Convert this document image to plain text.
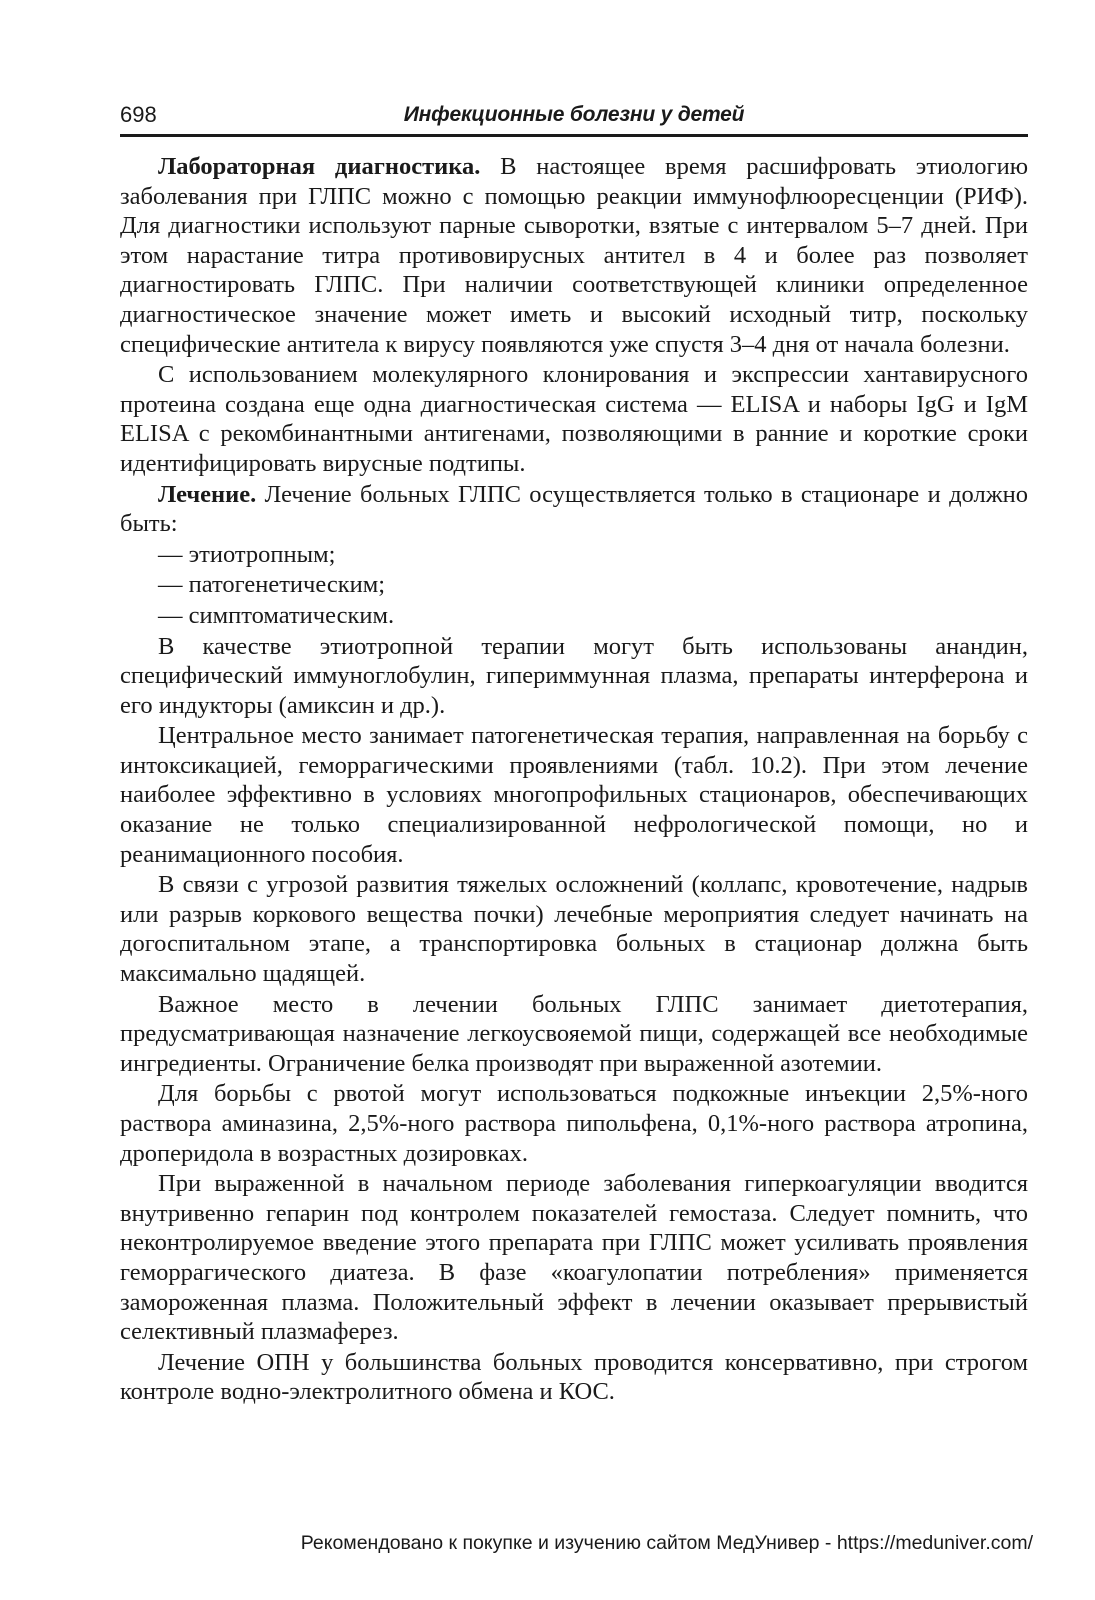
698	Инфекционные болезни у детей

Лабораторная диагностика. В настоящее время расшифровать этиологию заболевания при ГЛПС можно с помощью реакции иммунофлюоресценции (РИФ). Для диагностики используют парные сыворотки, взятые с интервалом 5–7 дней. При этом нарастание титра противовирусных антител в 4 и более раз позволяет диагностировать ГЛПС. При наличии соответствующей клиники определенное диагностическое значение может иметь и высокий исходный титр, поскольку специфические антитела к вирусу появляются уже спустя 3–4 дня от начала болезни.

С использованием молекулярного клонирования и экспрессии хантавирусного протеина создана еще одна диагностическая система — ELISA и наборы IgG и IgM ELISA с рекомбинантными антигенами, позволяющими в ранние и короткие сроки идентифицировать вирусные подтипы.

Лечение. Лечение больных ГЛПС осуществляется только в стационаре и должно быть:

— этиотропным;

— патогенетическим;

— симптоматическим.

В качестве этиотропной терапии могут быть использованы анандин, специфический иммуноглобулин, гипериммунная плазма, препараты интерферона и его индукторы (амиксин и др.).

Центральное место занимает патогенетическая терапия, направленная на борьбу с интоксикацией, геморрагическими проявлениями (табл. 10.2). При этом лечение наиболее эффективно в условиях многопрофильных стационаров, обеспечивающих оказание не только специализированной нефрологической помощи, но и реанимационного пособия.

В связи с угрозой развития тяжелых осложнений (коллапс, кровотечение, надрыв или разрыв коркового вещества почки) лечебные мероприятия следует начинать на догоспитальном этапе, а транспортировка больных в стационар должна быть максимально щадящей.

Важное место в лечении больных ГЛПС занимает диетотерапия, предусматривающая назначение легкоусвояемой пищи, содержащей все необходимые ингредиенты. Ограничение белка производят при выраженной азотемии.

Для борьбы с рвотой могут использоваться подкожные инъекции 2,5%-ного раствора аминазина, 2,5%-ного раствора пипольфена, 0,1%-ного раствора атропина, дроперидола в возрастных дозировках.

При выраженной в начальном периоде заболевания гиперкоагуляции вводится внутривенно гепарин под контролем показателей гемостаза. Следует помнить, что неконтролируемое введение этого препарата при ГЛПС может усиливать проявления геморрагического диатеза. В фазе «коагулопатии потребления» применяется замороженная плазма. Положительный эффект в лечении оказывает прерывистый селективный плазмаферез.

Лечение ОПН у большинства больных проводится консервативно, при строгом контроле водно-электролитного обмена и КОС.

Рекомендовано к покупке и изучению сайтом МедУнивер - https://meduniver.com/
